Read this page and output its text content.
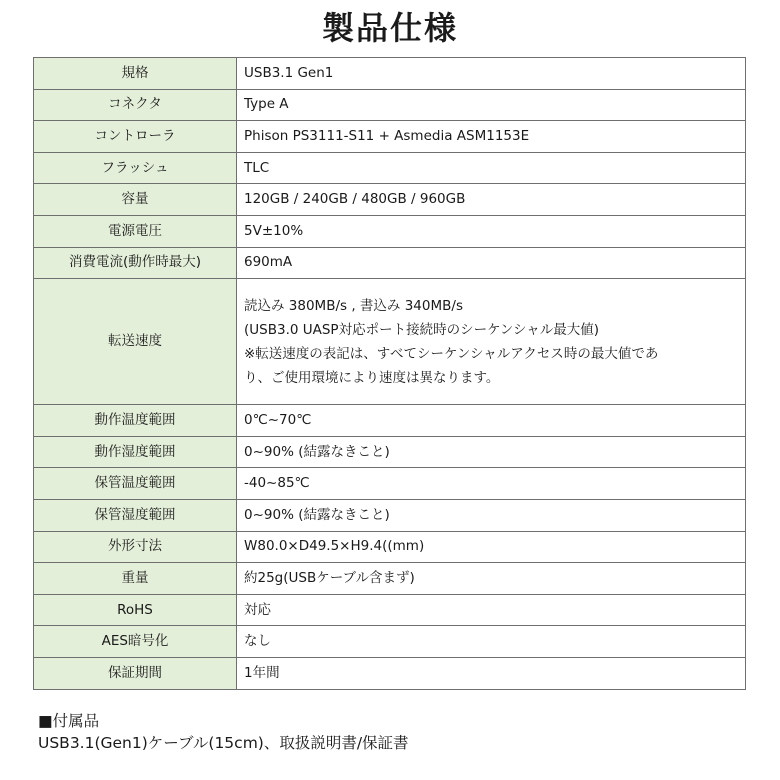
製品仕様
規格	USB3.1 Gen1
コネクタ	Type A
コントローラ	Phison PS3111-S11 + Asmedia ASM1153E
フラッシュ	TLC
容量	120GB / 240GB / 480GB / 960GB
電源電圧	5V±10%
消費電流(動作時最大)	690mA
転送速度	読込み 380MB/s , 書込み 340MB/s
(USB3.0 UASP対応ポート接続時のシーケンシャル最大値)
※転送速度の表記は、すべてシーケンシャルアクセス時の最大値であ
り、ご使用環境により速度は異なります。

動作温度範囲	0℃~70℃
動作湿度範囲	0~90% (結露なきこと)
保管温度範囲	-40~85℃
保管湿度範囲	0~90% (結露なきこと)
外形寸法	W80.0×D49.5×H9.4((mm)
重量	約25g(USBケーブル含まず)
RoHS	対応
AES暗号化	なし
保証期間	1年間
■付属品
USB3.1(Gen1)ケーブル(15cm)、取扱説明書/保証書
